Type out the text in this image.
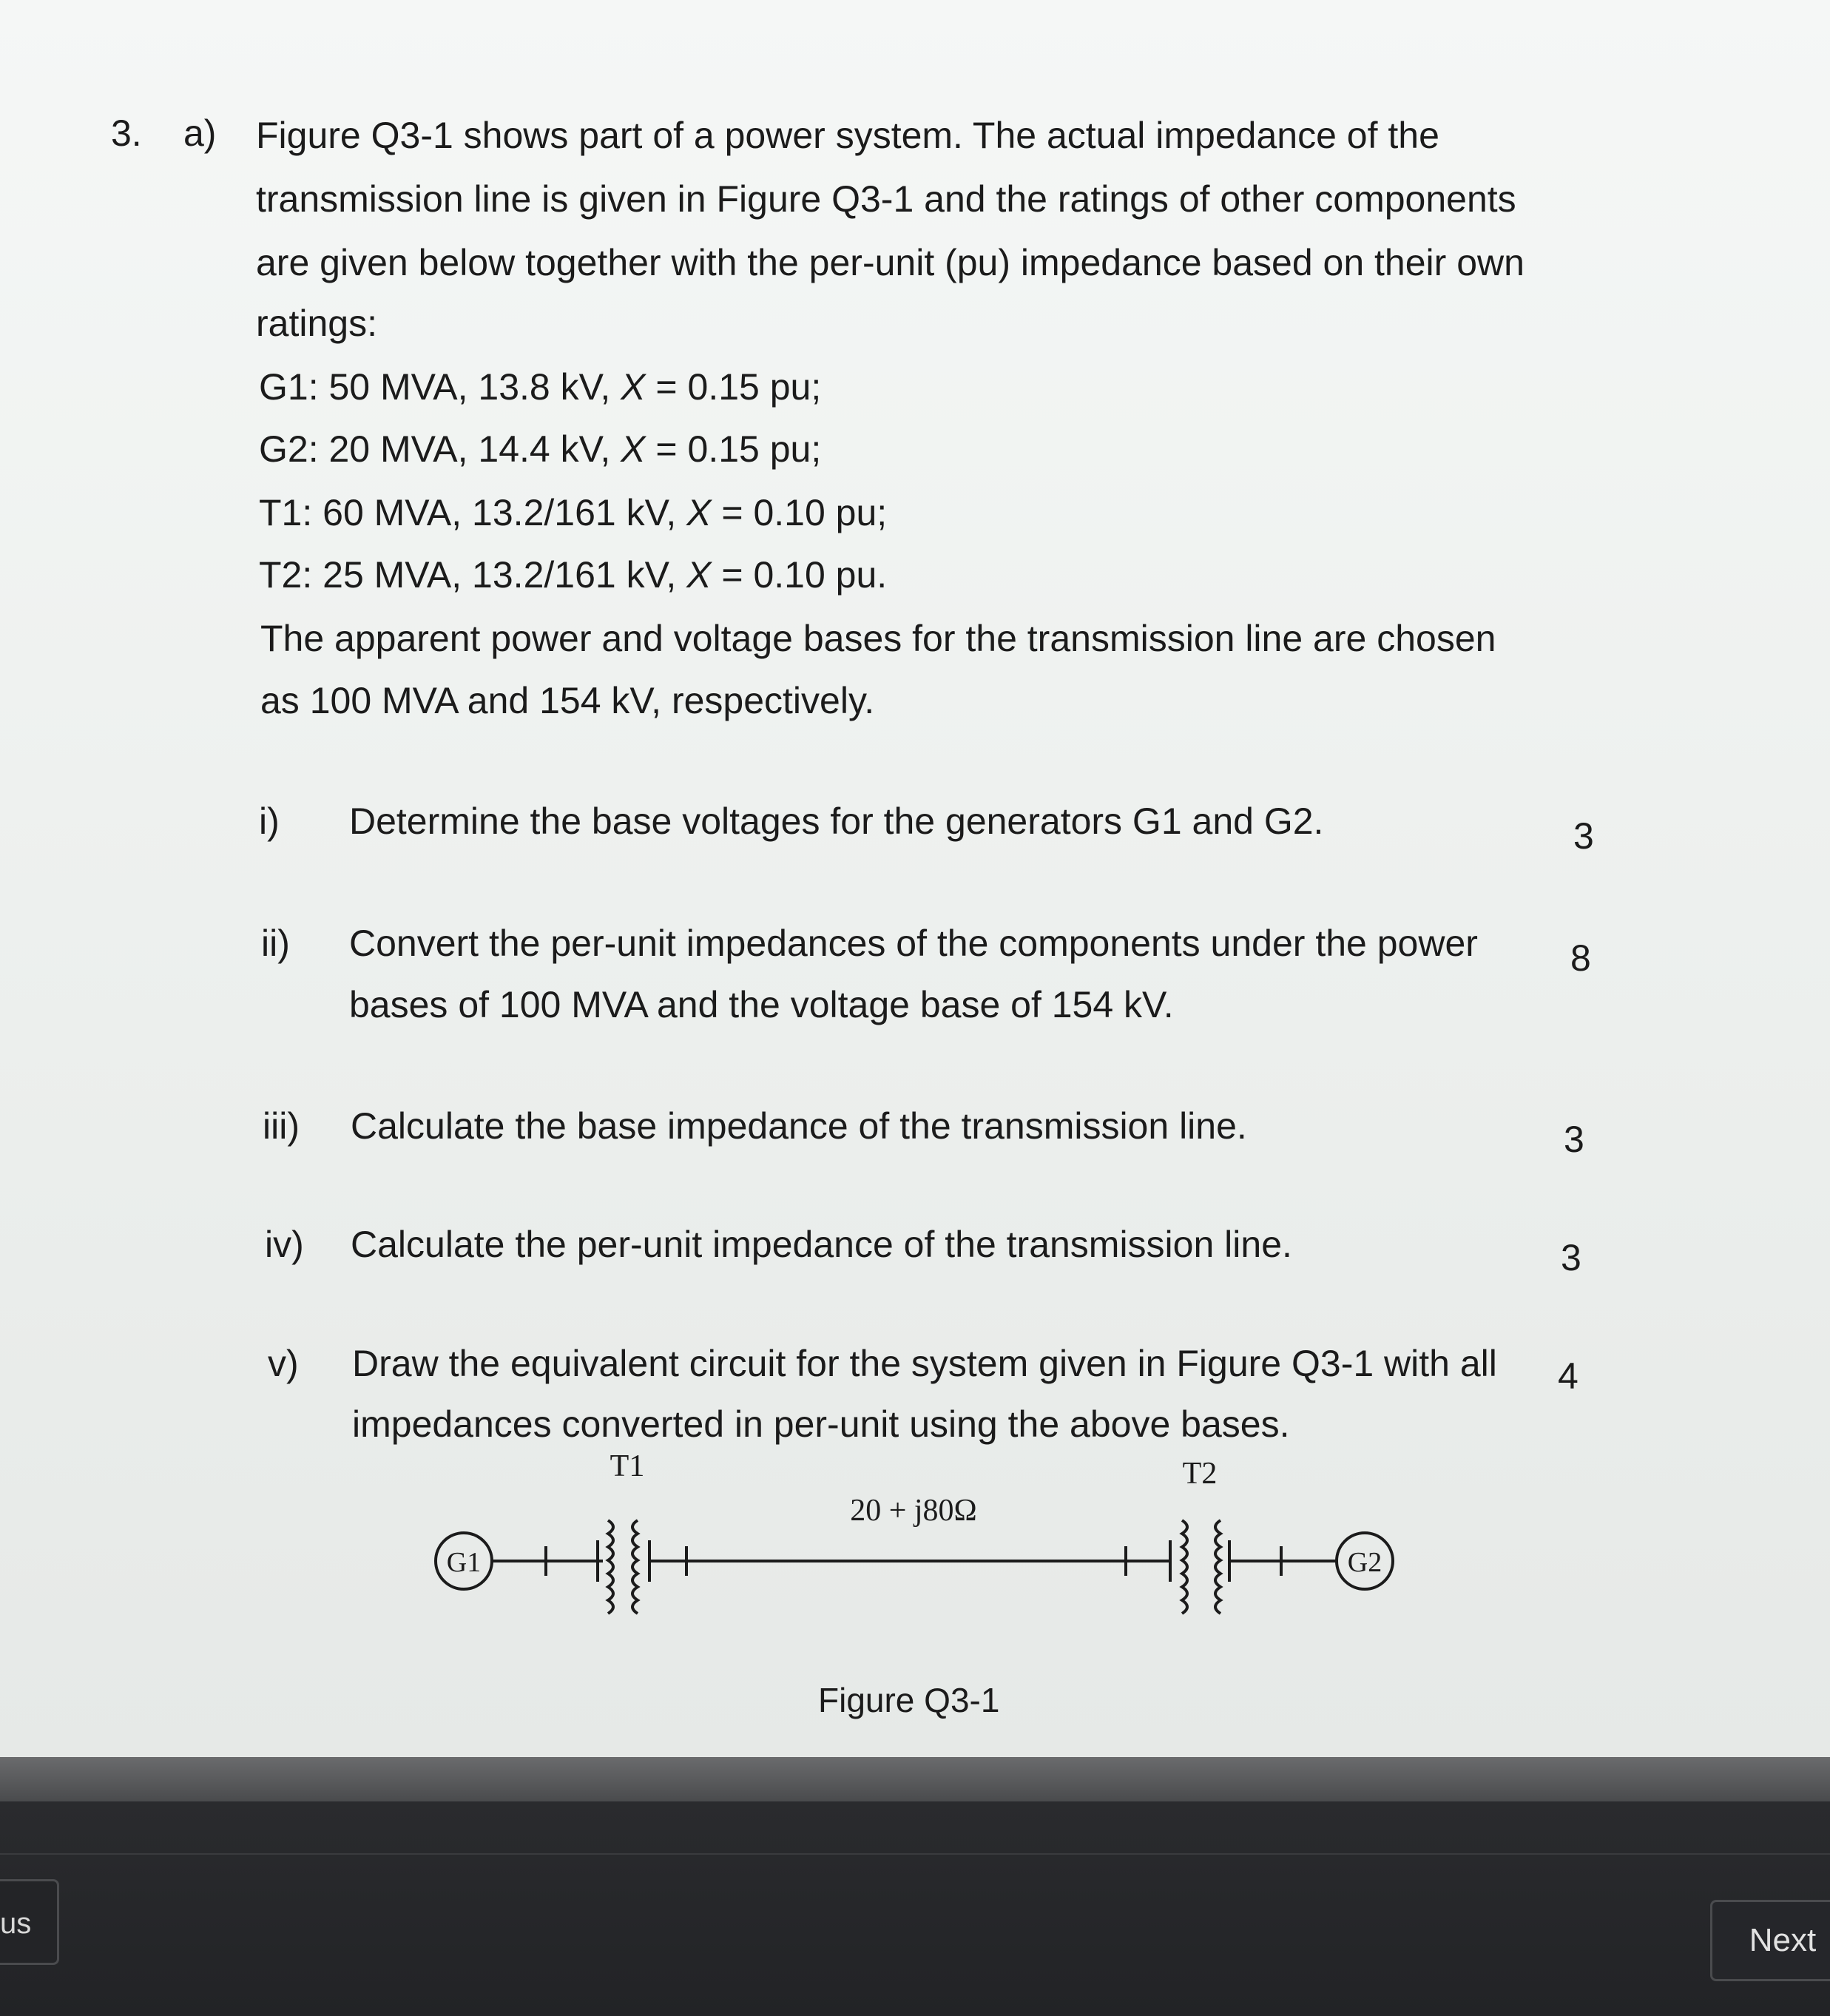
3. a) Figure Q3-1 shows part of a power system. The actual impedance of the
transmission line is given in Figure Q3-1 and the ratings of other components
are given below together with the per-unit (pu) impedance based on their own
ratings:
G1: 50 MVA, 13.8 kV, X = 0.15 pu;
G2: 20 MVA, 14.4 kV, X = 0.15 pu;
T1: 60 MVA, 13.2/161 kV, X = 0.10 pu;
T2: 25 MVA, 13.2/161 kV, X = 0.10 pu.
The apparent power and voltage bases for the transmission line are chosen
as 100 MVA and 154 kV, respectively.
i) Determine the base voltages for the generators G1 and G2.	3
ii) Convert the per-unit impedances of the components under the power
bases of 100 MVA and the voltage base of 154 kV.
8
iii) Calculate the base impedance of the transmission line.	3
iv) Calculate the per-unit impedance of the transmission line.	3
v) Draw the equivalent circuit for the system given in Figure Q3-1 with all
impedances converted in per-unit using the above bases.
4
G1	G2
T1	T2
20 + j80Ω
Figure Q3-1
us	Next
